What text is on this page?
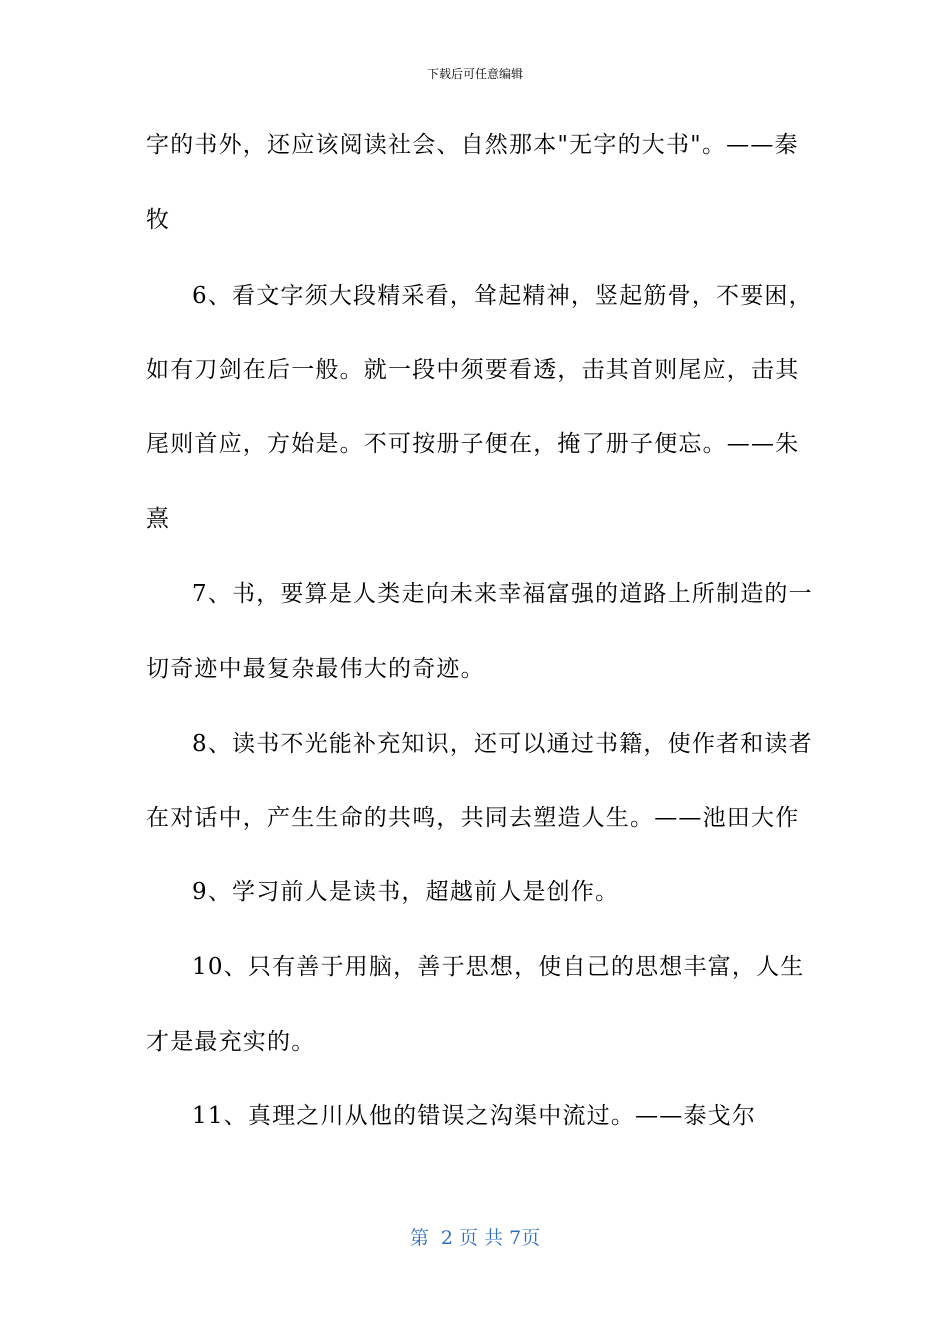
下载后可任意编辑
字的书外，还应该阅读社会、自然那本"无字的大书"。——秦
牧
6、看文字须大段精采看，耸起精神，竖起筋骨，不要困，
如有刀剑在后一般。就一段中须要看透，击其首则尾应，击其
尾则首应，方始是。不可按册子便在，掩了册子便忘。——朱
熹
7、书，要算是人类走向未来幸福富强的道路上所制造的一
切奇迹中最复杂最伟大的奇迹。
8、读书不光能补充知识，还可以通过书籍，使作者和读者
在对话中，产生生命的共鸣，共同去塑造人生。——池田大作
9、学习前人是读书，超越前人是创作。
10、只有善于用脑，善于思想，使自己的思想丰富，人生
才是最充实的。
11、真理之川从他的错误之沟渠中流过。——泰戈尔
第  2 页 共 7页
